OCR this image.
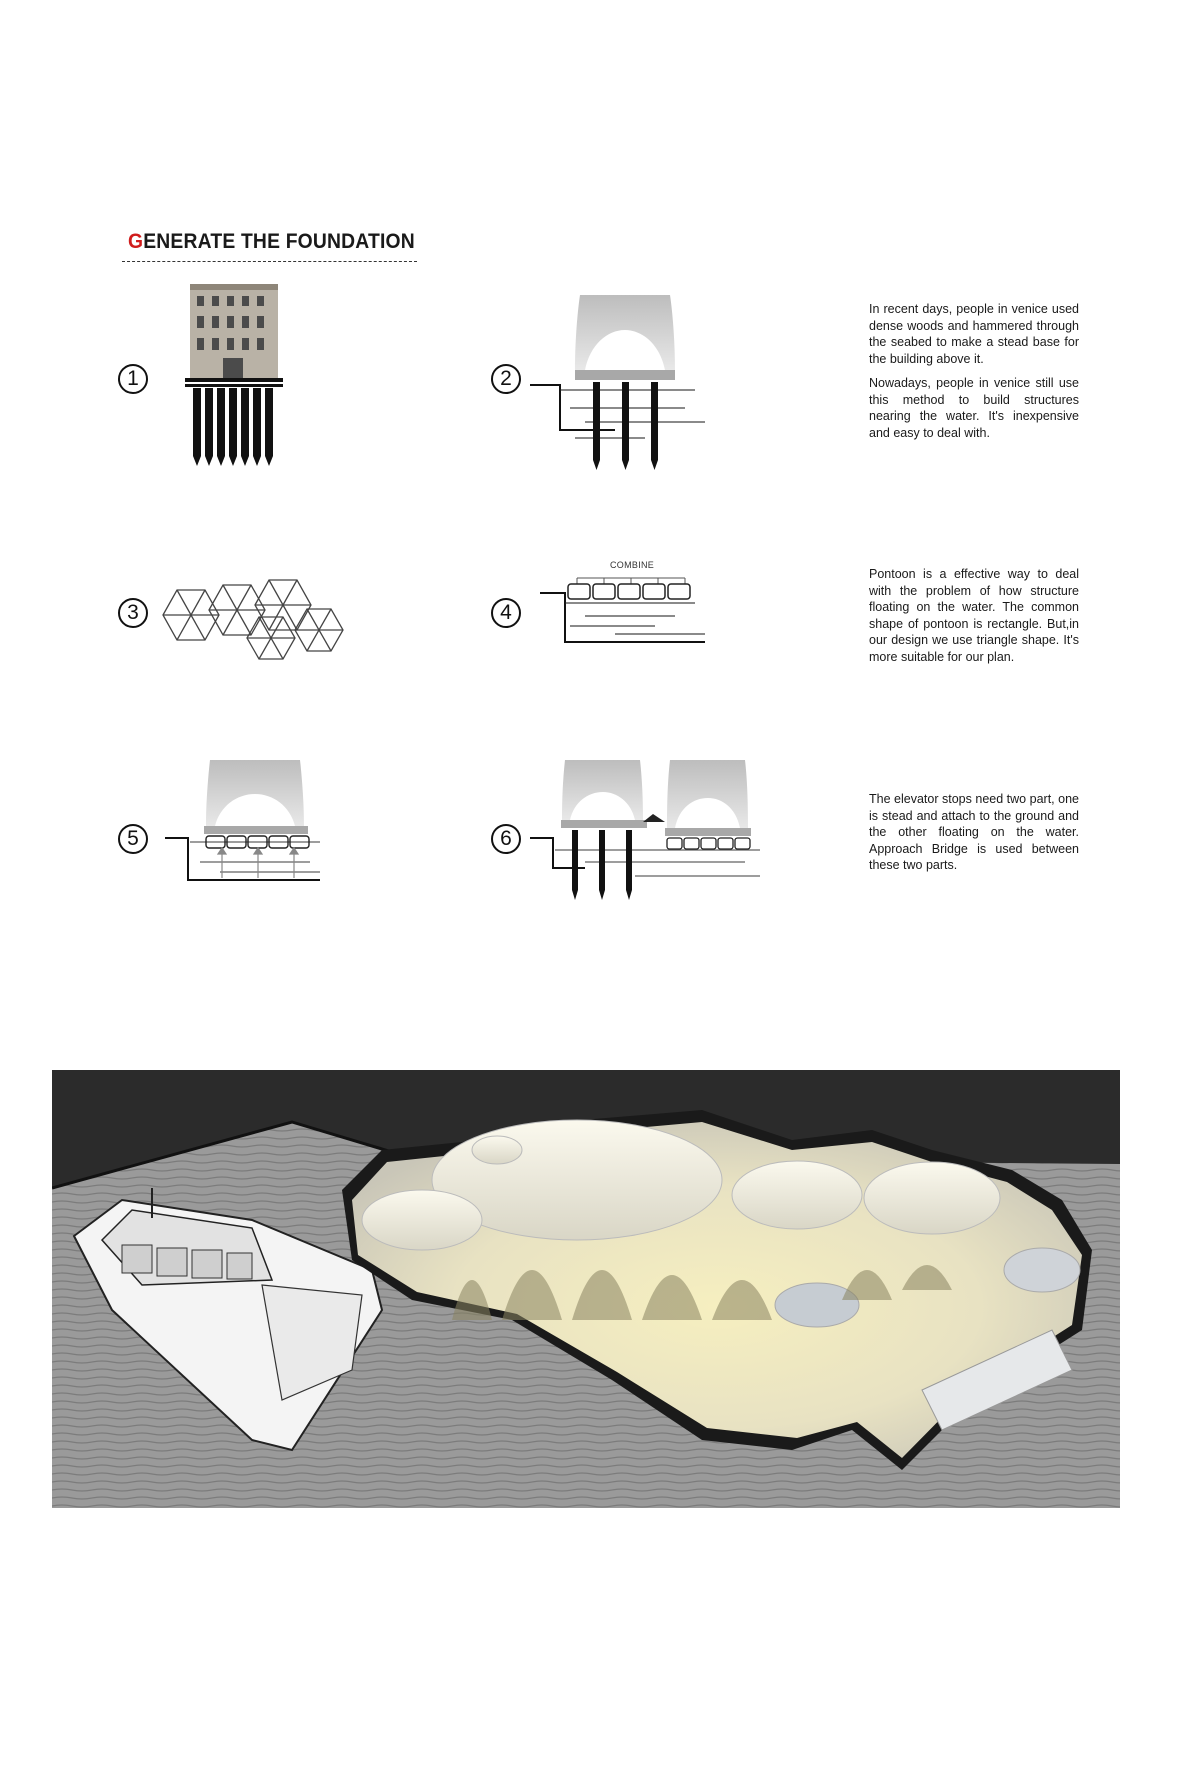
GENERATE THE FOUNDATION
1	2
3	4
5	6
COMBINE

In recent days, people in venice used dense woods and hammered through the seabed to make a stead base for the building above it.

Nowadays, people in venice still use this method to build structures nearing the water. It's inexpensive and easy to deal with.

Pontoon is a effective way to deal with the problem of how structure floating on the water. The common shape of pontoon is rectangle. But,in our design we use triangle shape. It's more suitable for our plan.

The elevator stops need two part, one is stead and attach to the ground and the other floating on the water. Approach Bridge is used between these two parts.
